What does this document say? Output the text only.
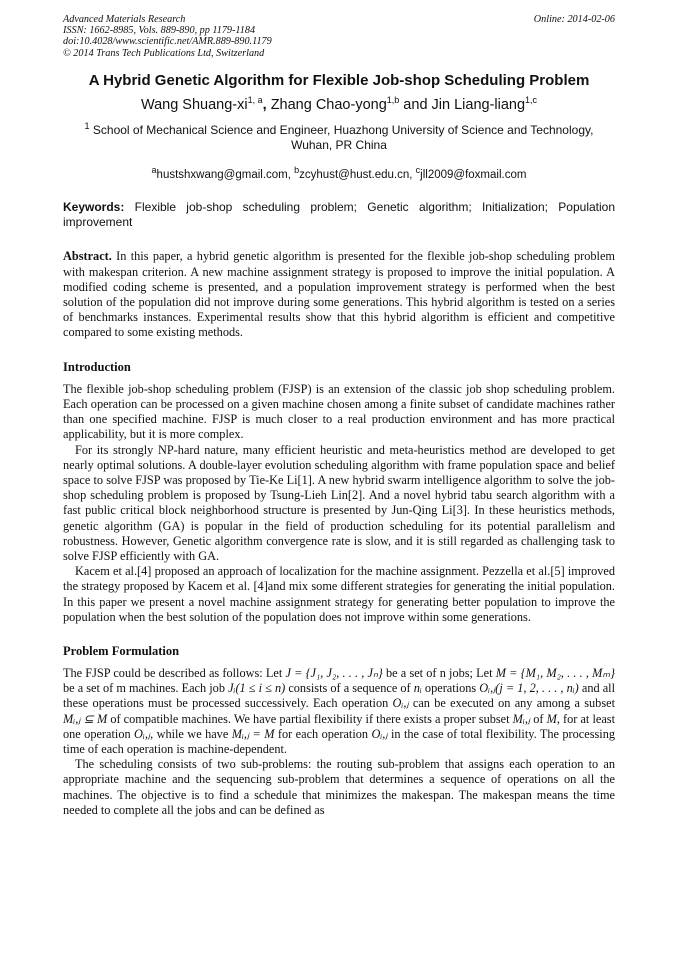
Advanced Materials Research
ISSN: 1662-8985, Vols. 889-890, pp 1179-1184
doi:10.4028/www.scientific.net/AMR.889-890.1179
© 2014 Trans Tech Publications Ltd, Switzerland
Online: 2014-02-06
A Hybrid Genetic Algorithm for Flexible Job-shop Scheduling Problem
Wang Shuang-xi$^{1, a}$, Zhang Chao-yong$^{1,b}$ and Jin Liang-liang$^{1,c}$
$^1$ School of Mechanical Science and Engineer, Huazhong University of Science and Technology,
Wuhan, PR China
$^a$hustshxwang@gmail.com, $^b$zcyhust@hust.edu.cn, $^c$jll2009@foxmail.com
Keywords: Flexible job-shop scheduling problem; Genetic algorithm; Initialization; Population improvement
Abstract. In this paper, a hybrid genetic algorithm is presented for the flexible job-shop scheduling problem with makespan criterion. A new machine assignment strategy is proposed to improve the initial population. A modified coding scheme is presented, and a population improvement strategy is performed when the best solution of the population did not improve during some generations. This hybrid algorithm is tested on a series of benchmarks instances. Experimental results show that this hybrid algorithm is efficient and competitive compared to some existing methods.
Introduction

The flexible job-shop scheduling problem (FJSP) is an extension of the classic job shop scheduling problem. Each operation can be processed on a given machine chosen among a finite subset of candidate machines rather than one specified machine. FJSP is much closer to a real production environment and has more practical applicability, but it is more complex.

For its strongly NP-hard nature, many efficient heuristic and meta-heuristics method are developed to get nearly optimal solutions. A double-layer evolution scheduling algorithm with frame population space and belief space to solve FJSP was proposed by Tie-Ke Li[1]. A new hybrid swarm intelligence algorithm to solve the job-shop scheduling problem is proposed by Tsung-Lieh Lin[2]. And a novel hybrid tabu search algorithm with a fast public critical block neighborhood structure is presented by Jun-Qing Li[3]. In these heuristics methods, genetic algorithm (GA) is popular in the field of production scheduling for its potential parallelism and robustness. However, Genetic algorithm convergence rate is slow, and it is still regarded as challenging task to solve FJSP efficiently with GA.

Kacem et al.[4] proposed an approach of localization for the machine assignment. Pezzella et al.[5] improved the strategy proposed by Kacem et al. [4]and mix some different strategies for generating the initial population. In this paper we present a novel machine assignment strategy for generating better population to improve the population when the best solution of the population does not improve within some generations.

Problem Formulation

The FJSP could be described as follows: Let J = {J₁, J₂, . . . , Jₙ} be a set of n jobs; Let M = {M₁, M₂, . . . , Mₘ} be a set of m machines. Each job Jᵢ(1 ≤ i ≤ n) consists of a sequence of nᵢ operations Oᵢ,ⱼ(j = 1, 2, . . . , nᵢ) and all these operations must be processed successively. Each operation Oᵢ,ⱼ can be executed on any among a subset Mᵢ,ⱼ ⊆ M of compatible machines. We have partial flexibility if there exists a proper subset Mᵢ,ⱼ of M, for at least one operation Oᵢ,ⱼ, while we have Mᵢ,ⱼ = M for each operation Oᵢ,ⱼ in the case of total flexibility. The processing time of each operation is machine-dependent.

The scheduling consists of two sub-problems: the routing sub-problem that assigns each operation to an appropriate machine and the sequencing sub-problem that determines a sequence of operations on all the machines. The objective is to find a schedule that minimizes the makespan. The makespan means the time needed to complete all the jobs and can be defined as
